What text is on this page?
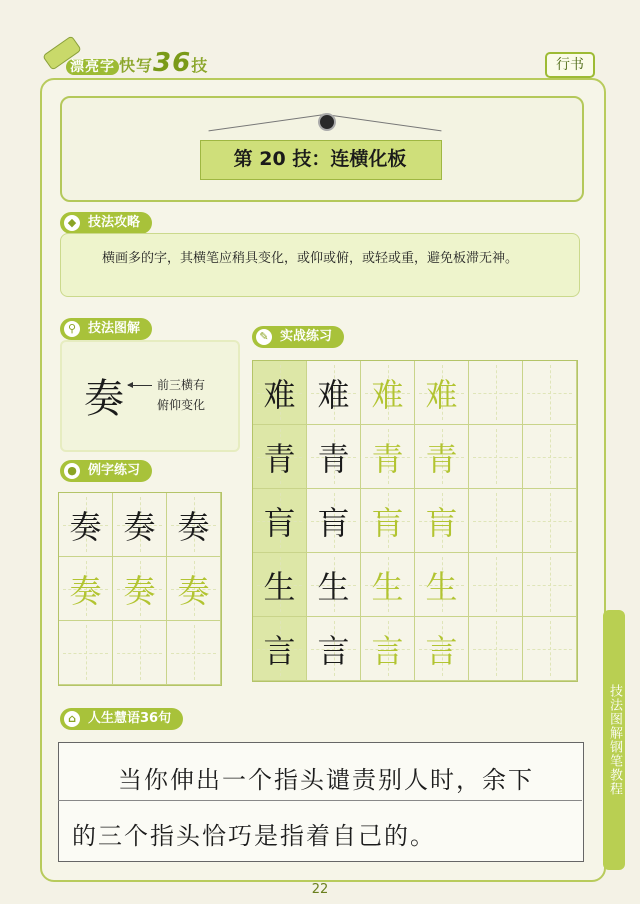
漂亮字 快写36技	行书
技法图解钢笔教程
第 20 技：连横化板
◆ 技法攻略
横画多的字，其横笔应稍具变化，或仰或俯，或轻或重，避免板滞无神。
⚲ 技法图解
奏	前三横有
俯仰变化
✎ 实战练习
● 例字练习
奏 奏 奏
奏 奏 奏
难 难 难 难
青 青 青 青
肓 肓 肓 肓
生 生 生 生
言 言 言 言
⌂ 人生慧语36句
当你伸出一个指头谴责别人时，余下
的三个指头恰巧是指着自己的。
22
